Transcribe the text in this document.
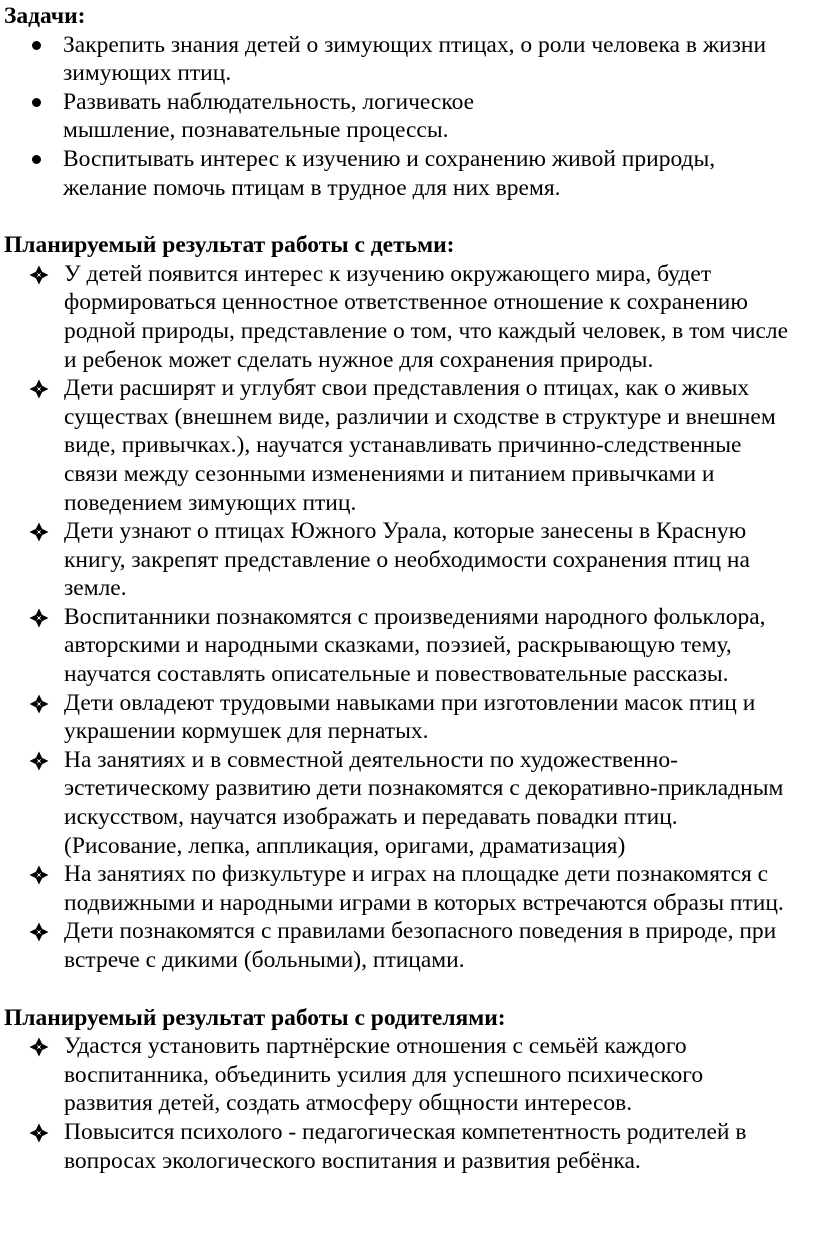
Задачи:

Закрепить знания детей о зимующих птицах, о роли человека в жизни зимующих птиц.
Развивать наблюдательность, логическое мышление, познавательные процессы.
Воспитывать интерес к изучению и сохранению живой природы, желание помочь птицам в трудное для них время.

Планируемый результат работы с детьми:

У детей появится интерес к изучению окружающего мира, будет формироваться ценностное ответственное отношение к сохранению родной природы, представление о том, что каждый человек, в том числе и ребенок может сделать нужное для сохранения природы.
Дети расширят и углубят свои представления о птицах, как о живых существах (внешнем виде, различии и сходстве в структуре и внешнем виде, привычках.), научатся устанавливать причинно-следственные связи между сезонными изменениями и питанием привычками и поведением зимующих птиц.
Дети узнают о птицах Южного Урала, которые занесены в Красную книгу, закрепят представление о необходимости сохранения птиц на земле.
Воспитанники познакомятся с произведениями народного фольклора, авторскими и народными сказками, поэзией, раскрывающую тему, научатся составлять описательные и повествовательные рассказы.
Дети овладеют трудовыми навыками при изготовлении масок птиц и украшении кормушек для пернатых.
На занятиях и в совместной деятельности по художественно-эстетическому развитию дети познакомятся с декоративно-прикладным искусством, научатся изображать и передавать повадки птиц. (Рисование, лепка, аппликация, оригами, драматизация)
На занятиях по физкультуре и играх на площадке дети познакомятся с подвижными и народными играми в которых встречаются образы птиц.
Дети познакомятся с правилами безопасного поведения в природе, при встрече с дикими (больными), птицами.

Планируемый результат работы с родителями:

Удастся установить партнёрские отношения с семьёй каждого воспитанника, объединить усилия для успешного психического развития детей, создать атмосферу общности интересов.
Повысится психолого - педагогическая компетентность родителей в вопросах экологического воспитания и развития ребёнка.
